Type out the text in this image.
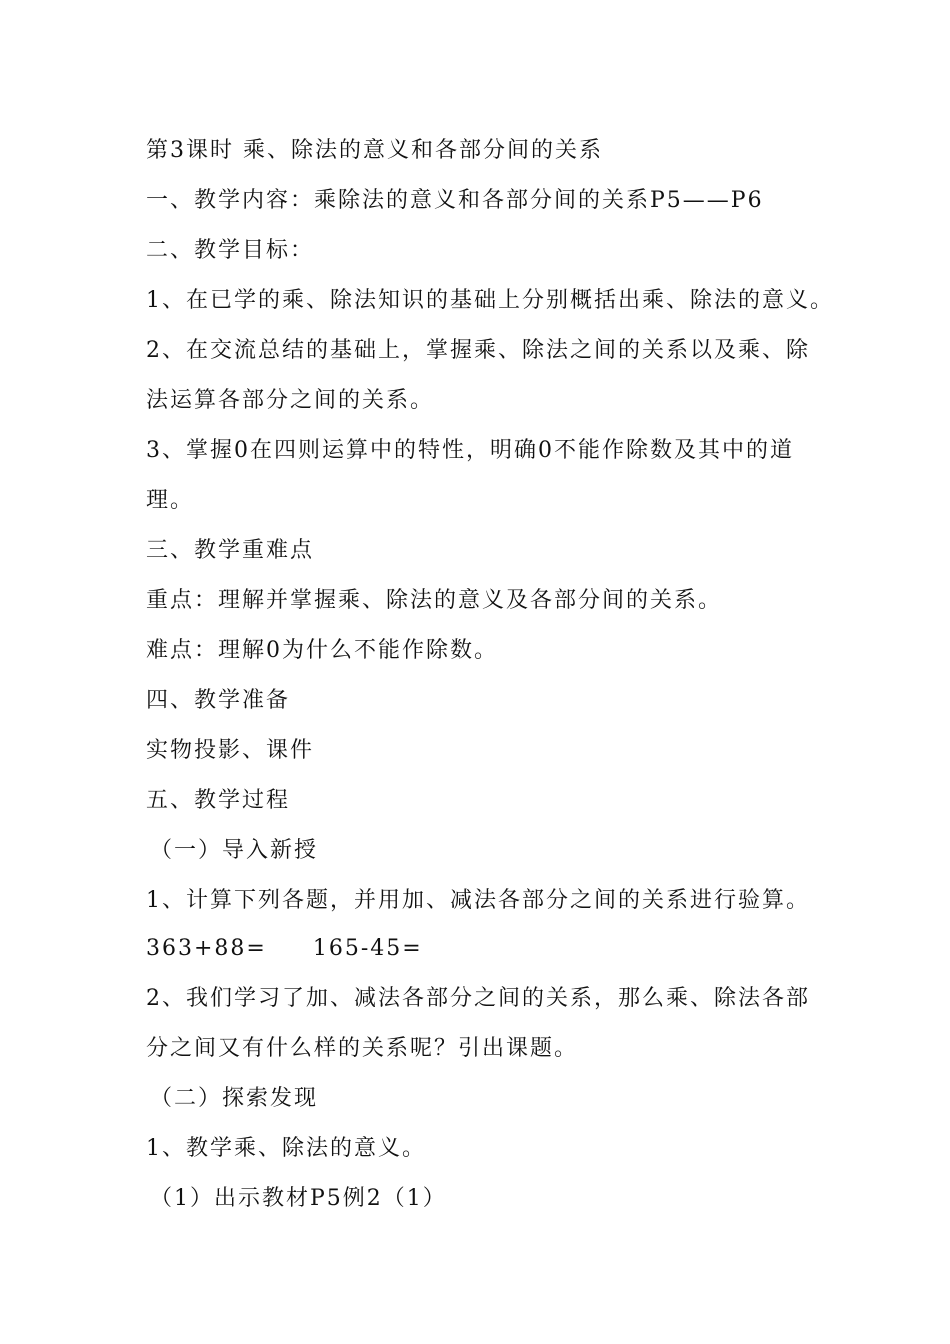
第3课时 乘、除法的意义和各部分间的关系
一、教学内容：乘除法的意义和各部分间的关系P5——P6
二、教学目标：
1、在已学的乘、除法知识的基础上分别概括出乘、除法的意义。
2、在交流总结的基础上，掌握乘、除法之间的关系以及乘、除
法运算各部分之间的关系。
3、掌握0在四则运算中的特性，明确0不能作除数及其中的道
理。
三、教学重难点
重点：理解并掌握乘、除法的意义及各部分间的关系。
难点：理解0为什么不能作除数。
四、教学准备
实物投影、课件
五、教学过程
（一）导入新授
1、计算下列各题，并用加、减法各部分之间的关系进行验算。
363+88= 165-45=
2、我们学习了加、减法各部分之间的关系，那么乘、除法各部
分之间又有什么样的关系呢？引出课题。
（二）探索发现
1、教学乘、除法的意义。
（1）出示教材P5例2（1）
